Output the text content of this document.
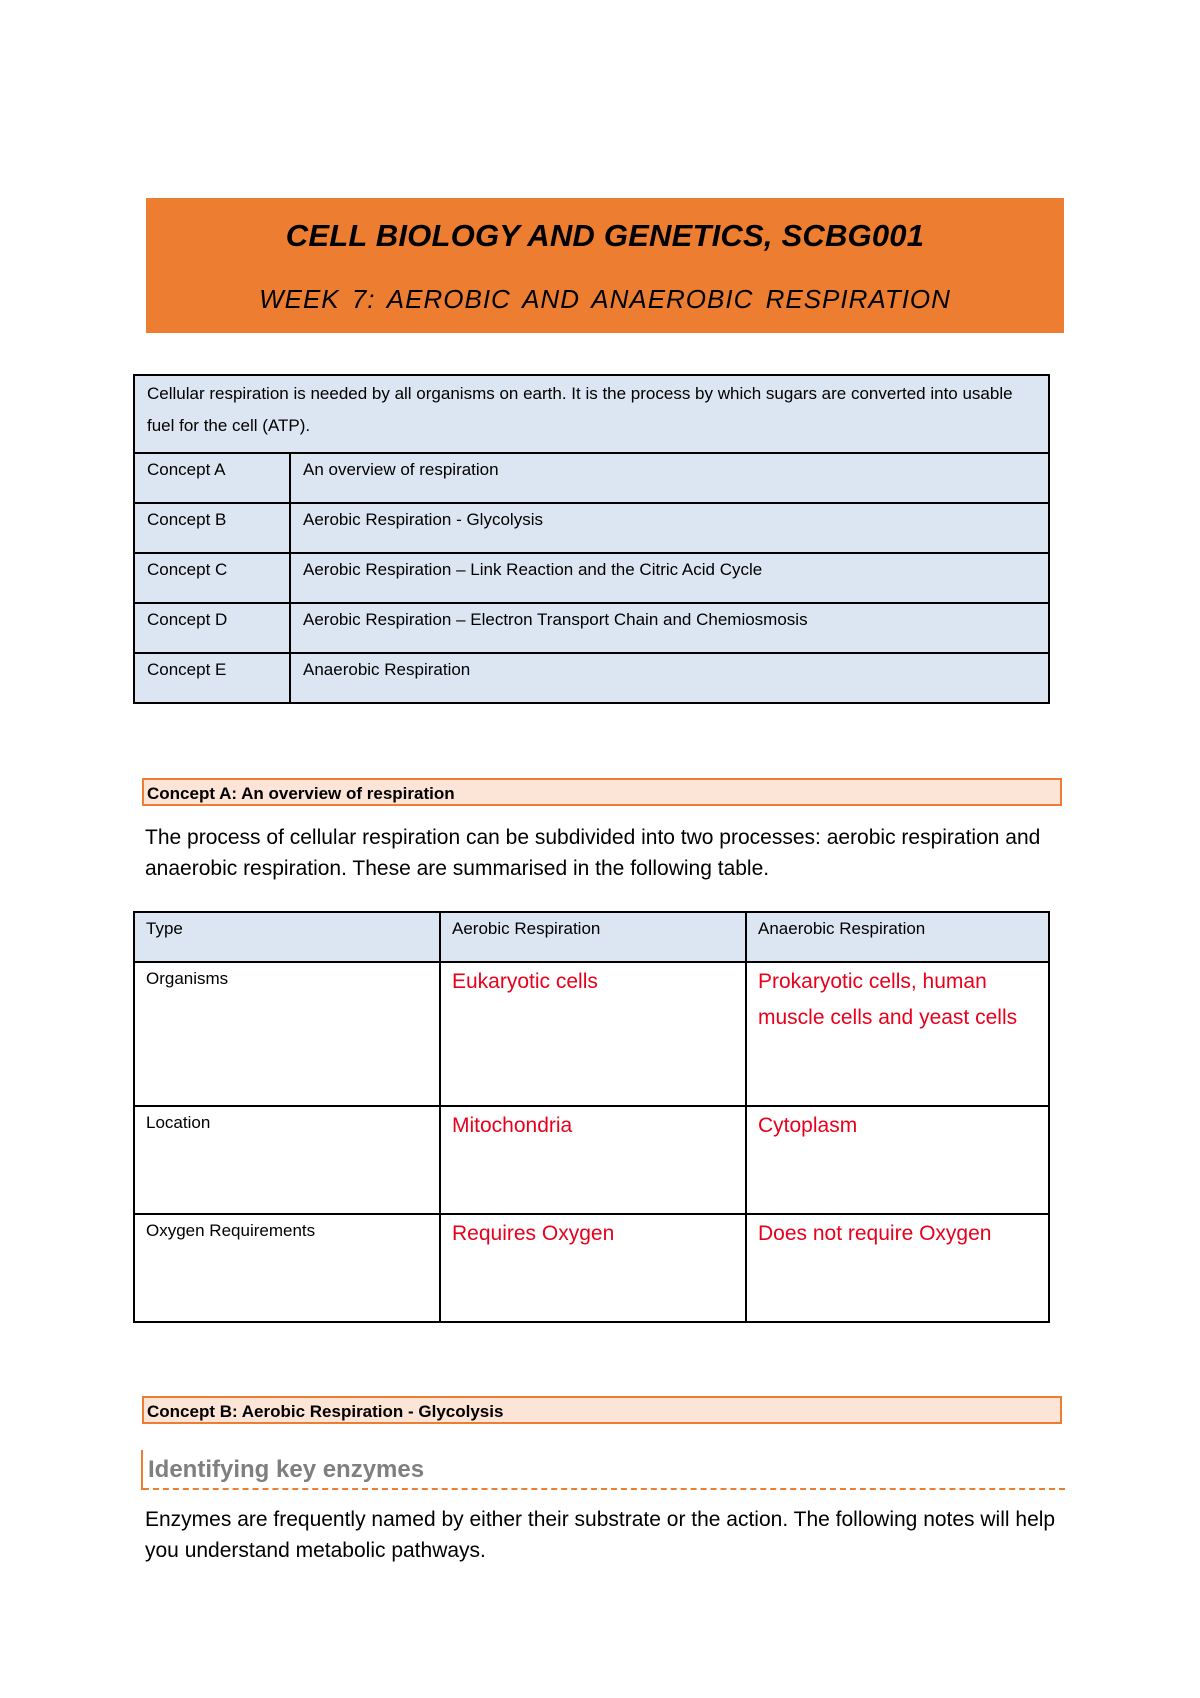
CELL BIOLOGY AND GENETICS, SCBG001
WEEK 7: AEROBIC AND ANAEROBIC RESPIRATION
Cellular respiration is needed by all organisms on earth. It is the process by which sugars are converted into usable fuel for the cell (ATP).	
Concept A	An overview of respiration
Concept B	Aerobic Respiration - Glycolysis
Concept C	Aerobic Respiration – Link Reaction and the Citric Acid Cycle
Concept D	Aerobic Respiration – Electron Transport Chain and Chemiosmosis
Concept E	Anaerobic Respiration
Concept A: An overview of respiration
The process of cellular respiration can be subdivided into two processes: aerobic respiration and anaerobic respiration. These are summarised in the following table.
Type	Aerobic Respiration	Anaerobic Respiration
Organisms	Eukaryotic cells	Prokaryotic cells, human muscle cells and yeast cells
Location	Mitochondria	Cytoplasm
Oxygen Requirements	Requires Oxygen	Does not require Oxygen
Concept B: Aerobic Respiration - Glycolysis
Identifying key enzymes
Enzymes are frequently named by either their substrate or the action. The following notes will help you understand metabolic pathways.
